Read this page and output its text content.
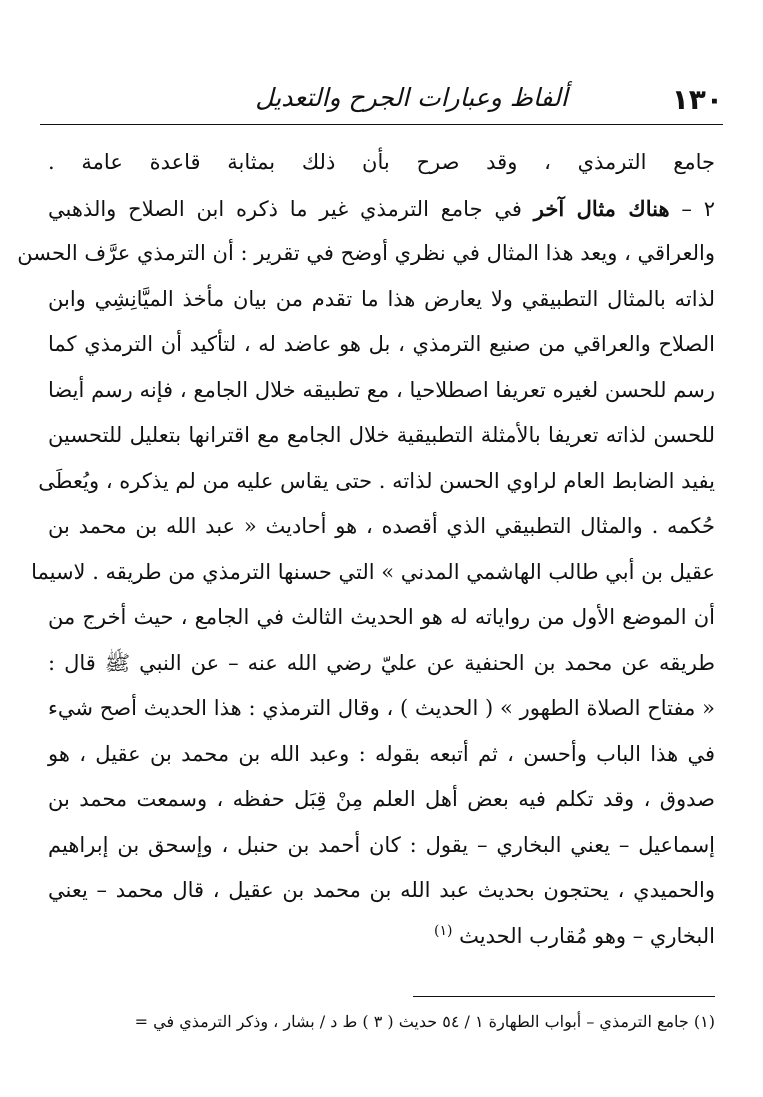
١٣٠
ألفاظ وعبارات الجرح والتعديل
جامع الترمذي ، وقد صرح بأن ذلك بمثابة قاعدة عامة .
٢ – هناك مثال آخر في جامع الترمذي غير ما ذكره ابن الصلاح والذهبي
والعراقي ، ويعد هذا المثال في نظري أوضح في تقرير : أن الترمذي عرَّف الحسن
لذاته بالمثال التطبيقي ولا يعارض هذا ما تقدم من بيان مأخذ الميَّانِشِي وابن
الصلاح والعراقي من صنيع الترمذي ، بل هو عاضد له ، لتأكيد أن الترمذي كما
رسم للحسن لغيره تعريفا اصطلاحيا ، مع تطبيقه خلال الجامع ، فإنه رسم أيضا
للحسن لذاته تعريفا بالأمثلة التطبيقية خلال الجامع مع اقترانها بتعليل للتحسين
يفيد الضابط العام لراوي الحسن لذاته . حتى يقاس عليه من لم يذكره ، ويُعطَى
حُكمه . والمثال التطبيقي الذي أقصده ، هو أحاديث « عبد الله بن محمد بن
عقيل بن أبي طالب الهاشمي المدني » التي حسنها الترمذي من طريقه . لاسيما
أن الموضع الأول من رواياته له هو الحديث الثالث في الجامع ، حيث أخرج من
طريقه عن محمد بن الحنفية عن عليّ رضي الله عنه – عن النبي ﷺ قال :
« مفتاح الصلاة الطهور » ( الحديث ) ، وقال الترمذي : هذا الحديث أصح شيء
في هذا الباب وأحسن ، ثم أتبعه بقوله : وعبد الله بن محمد بن عقيل ، هو
صدوق ، وقد تكلم فيه بعض أهل العلم مِنْ قِبَل حفظه ، وسمعت محمد بن
إسماعيل – يعني البخاري – يقول : كان أحمد بن حنبل ، وإسحق بن إبراهيم
والحميدي ، يحتجون بحديث عبد الله بن محمد بن عقيل ، قال محمد – يعني
البخاري – وهو مُقارب الحديث $^{(١)}$
(١) جامع الترمذي – أبواب الطهارة ١ / ٥٤ حديث ( ٣ ) ط د / بشار ، وذكر الترمذي في =
